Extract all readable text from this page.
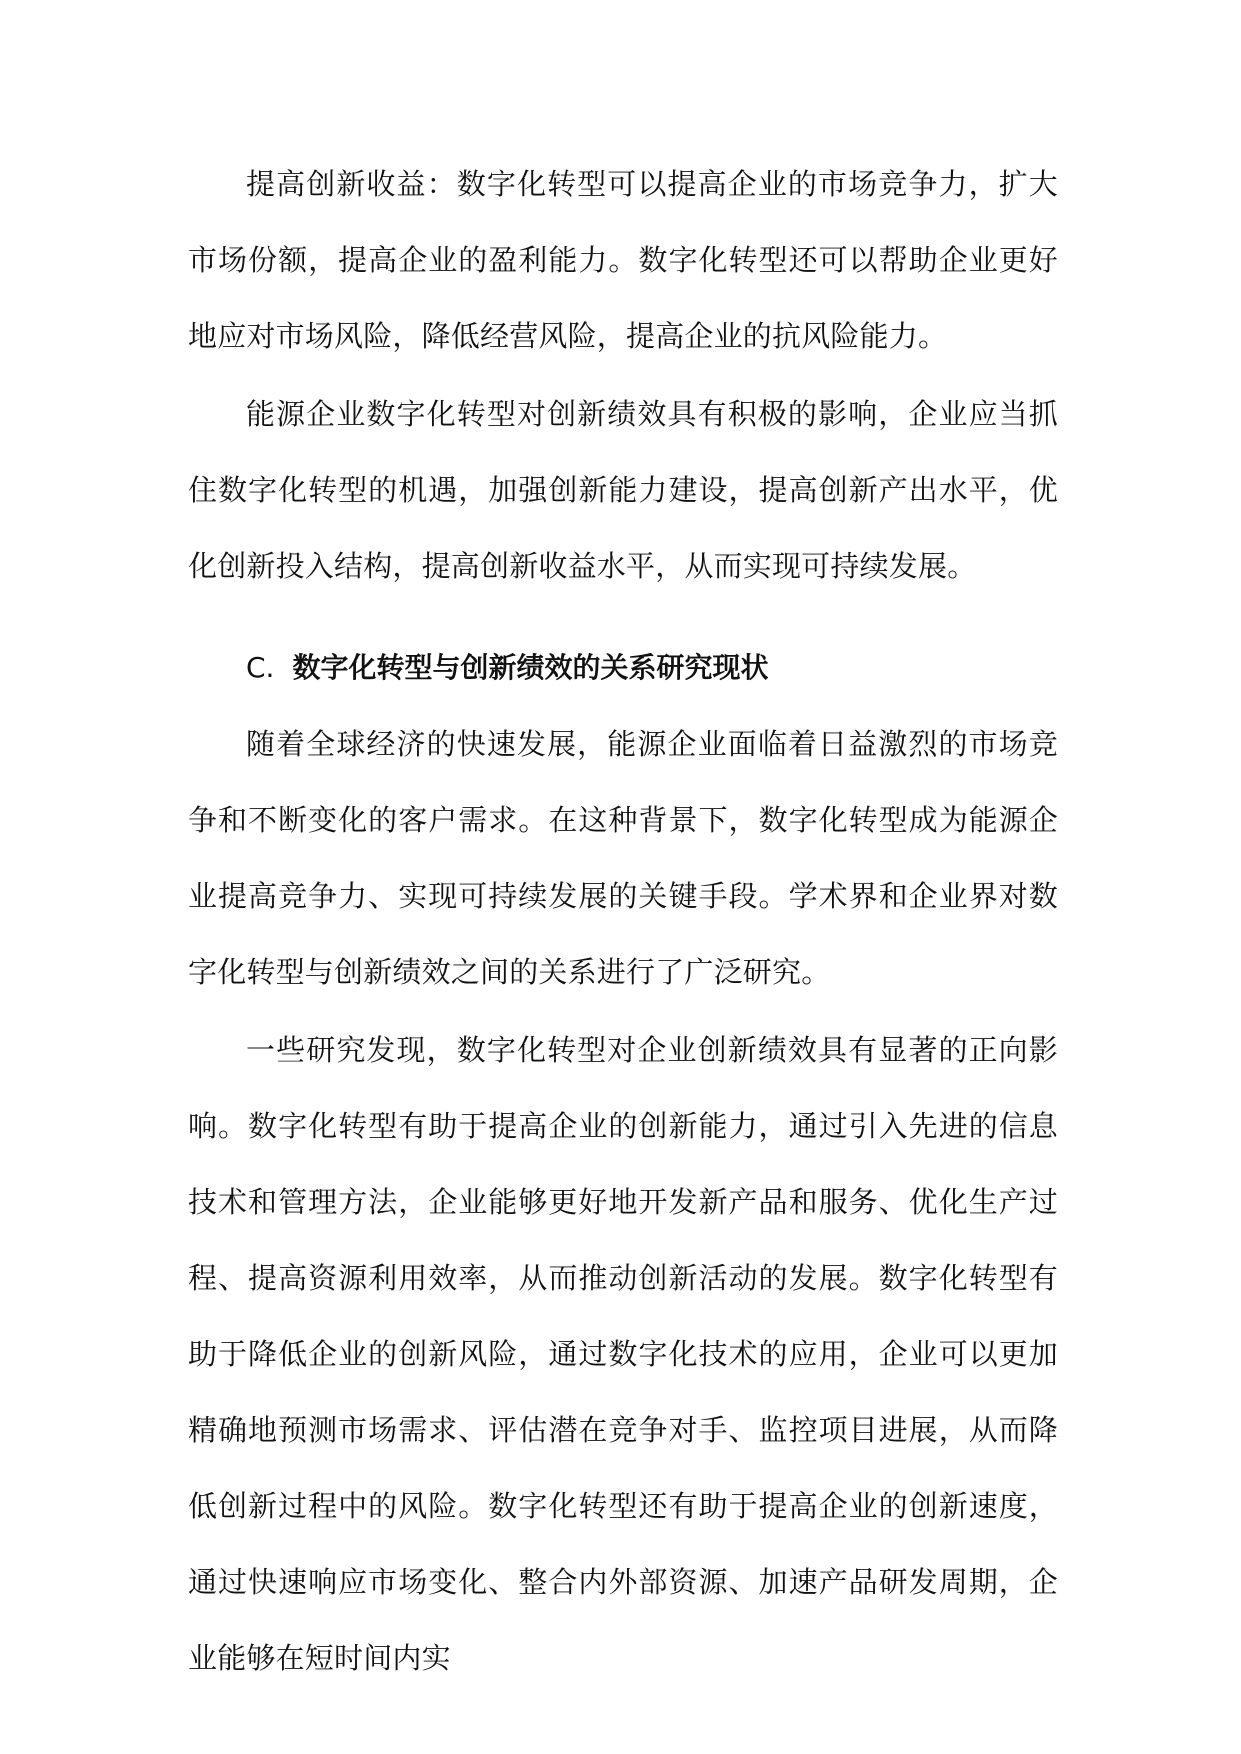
提高创新收益：数字化转型可以提高企业的市场竞争力，扩大市场份额，提高企业的盈利能力。数字化转型还可以帮助企业更好地应对市场风险，降低经营风险，提高企业的抗风险能力。

能源企业数字化转型对创新绩效具有积极的影响，企业应当抓住数字化转型的机遇，加强创新能力建设，提高创新产出水平，优化创新投入结构，提高创新收益水平，从而实现可持续发展。

C. 数字化转型与创新绩效的关系研究现状

随着全球经济的快速发展，能源企业面临着日益激烈的市场竞争和不断变化的客户需求。在这种背景下，数字化转型成为能源企业提高竞争力、实现可持续发展的关键手段。学术界和企业界对数字化转型与创新绩效之间的关系进行了广泛研究。

一些研究发现，数字化转型对企业创新绩效具有显著的正向影响。数字化转型有助于提高企业的创新能力，通过引入先进的信息技术和管理方法，企业能够更好地开发新产品和服务、优化生产过程、提高资源利用效率，从而推动创新活动的发展。数字化转型有助于降低企业的创新风险，通过数字化技术的应用，企业可以更加精确地预测市场需求、评估潜在竞争对手、监控项目进展，从而降低创新过程中的风险。数字化转型还有助于提高企业的创新速度，通过快速响应市场变化、整合内外部资源、加速产品研发周期，企业能够在短时间内实
